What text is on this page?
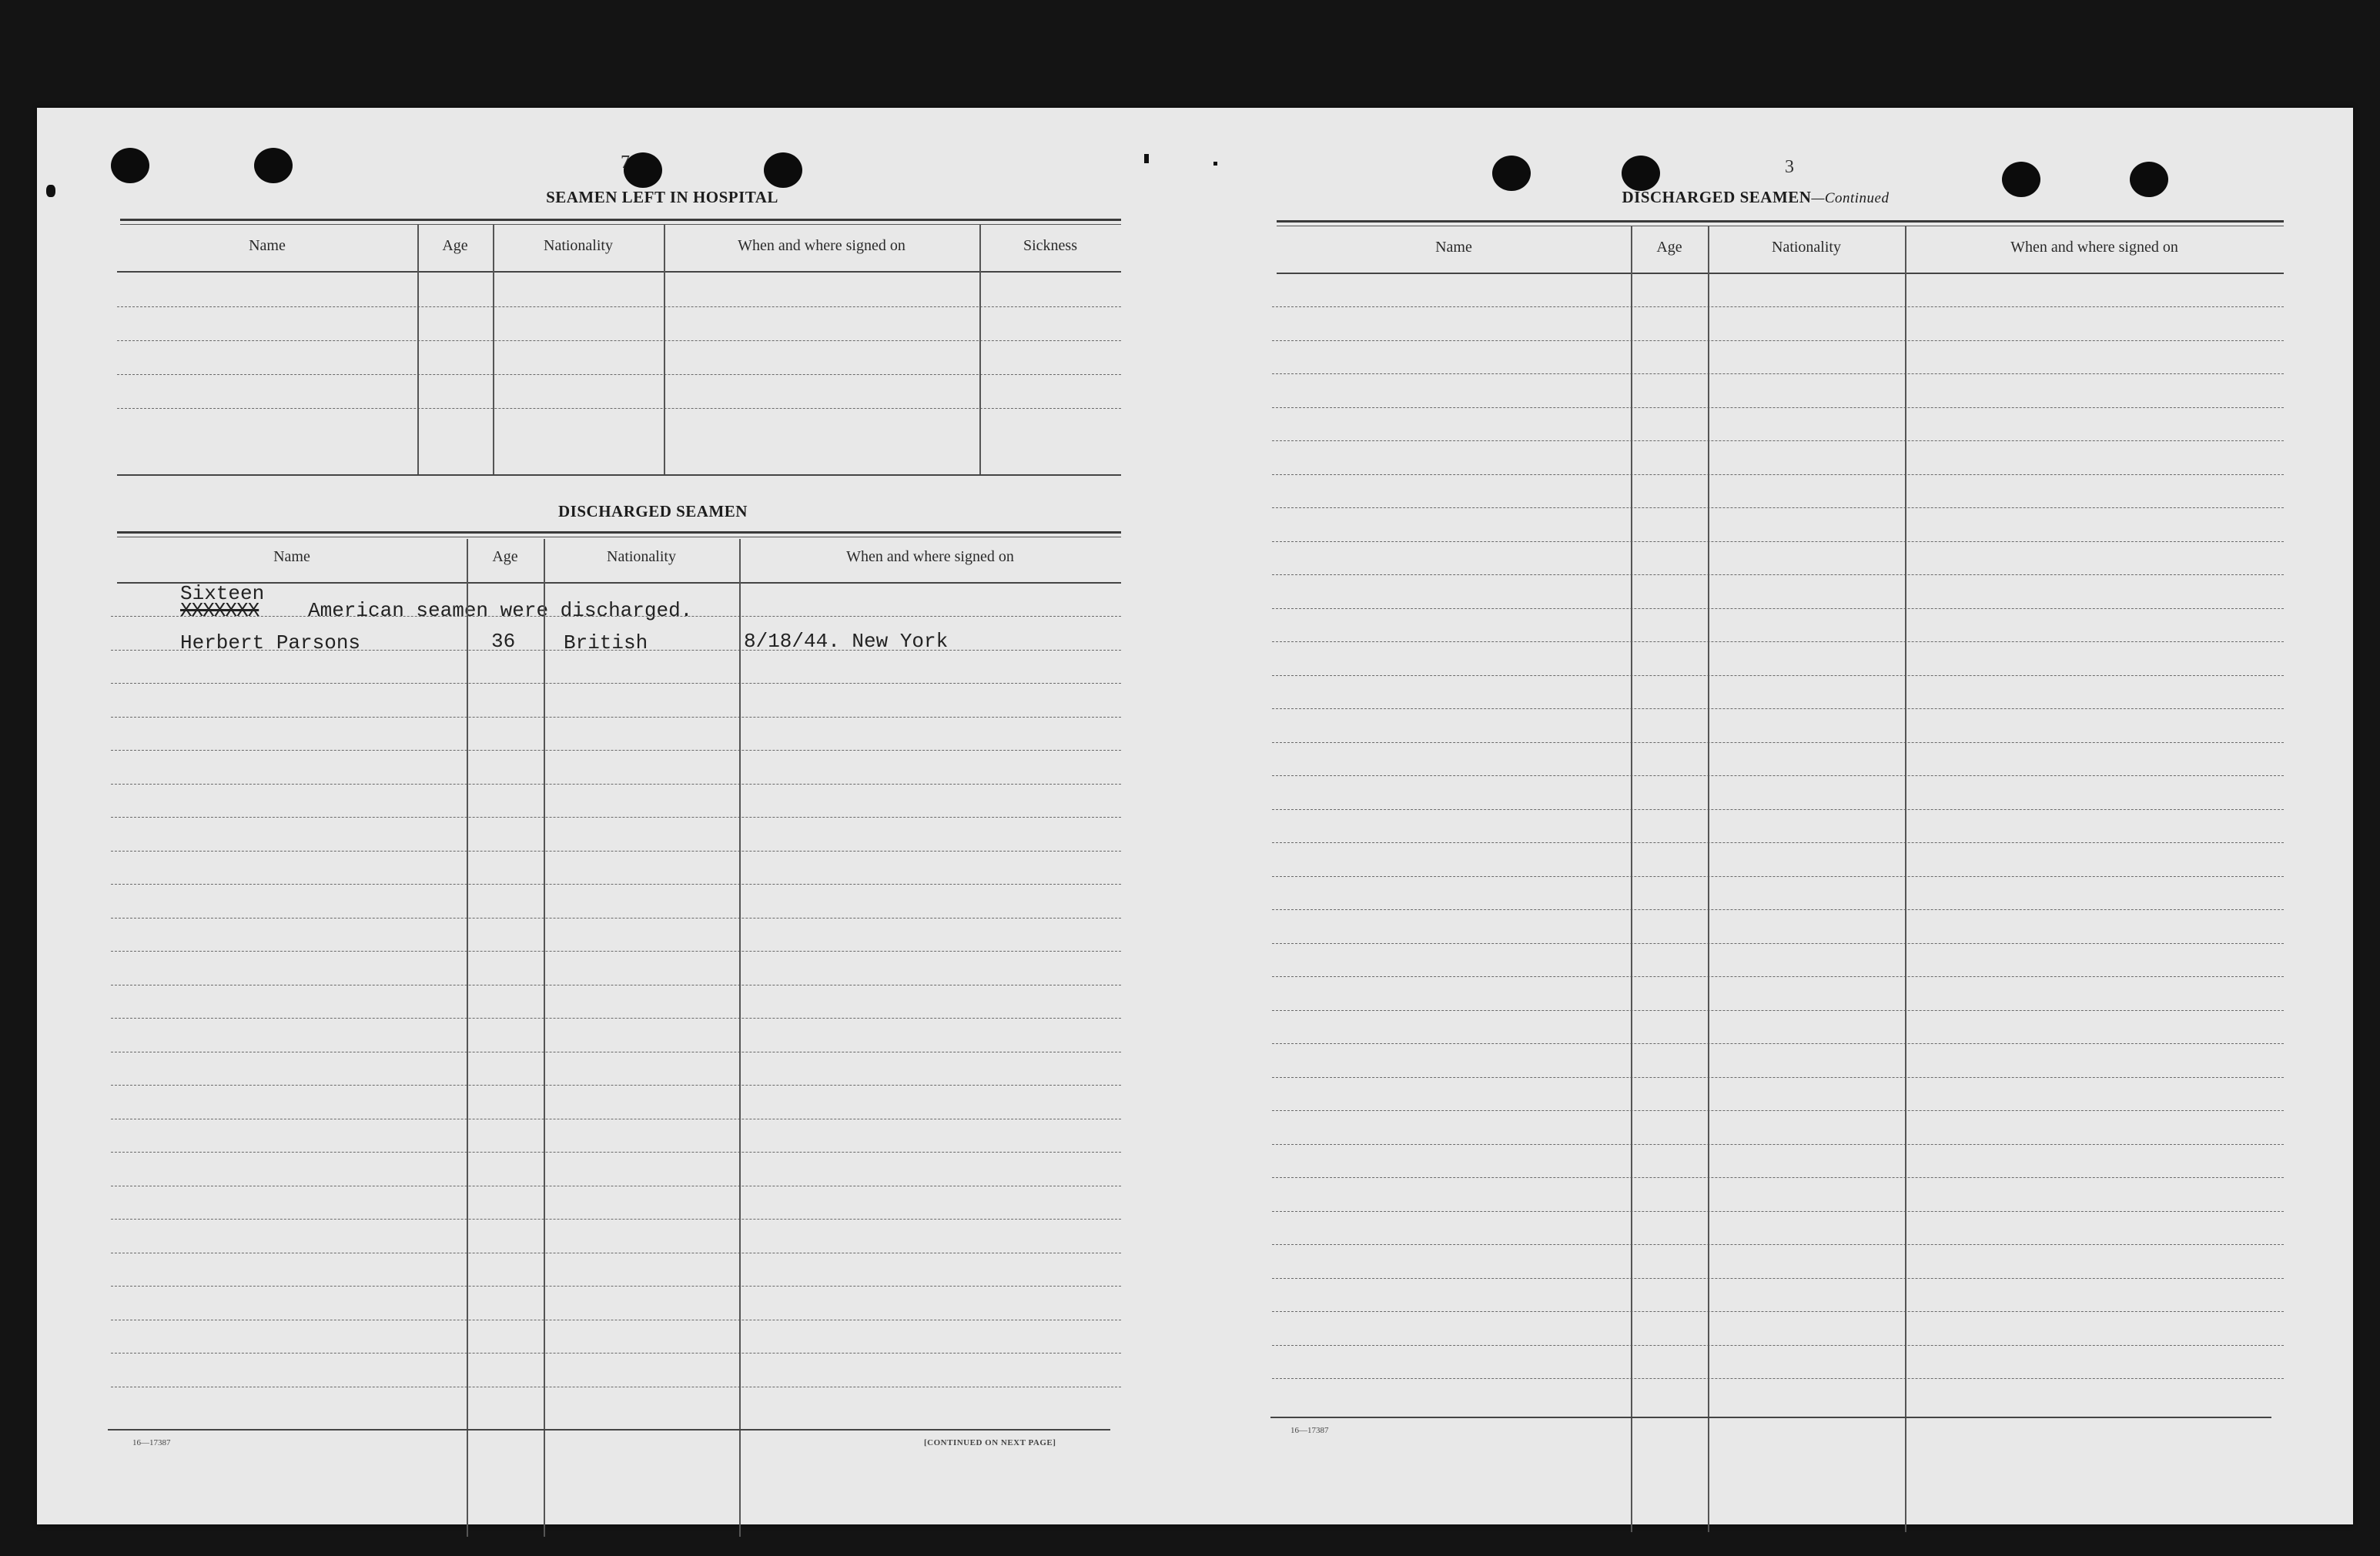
7
SEAMEN LEFT IN HOSPITAL
Name	Age	Nationality	When and where signed on	Sickness
DISCHARGED SEAMEN
Name	Age	Nationality	When and where signed on
Sixteen
XXXXXXX American seamen were discharged.
Herbert Parsons	36 British	8/18/44. New York
16—17387	[CONTINUED ON NEXT PAGE]
3
DISCHARGED SEAMEN—Continued
Name	Age	Nationality	When and where signed on
16—17387
